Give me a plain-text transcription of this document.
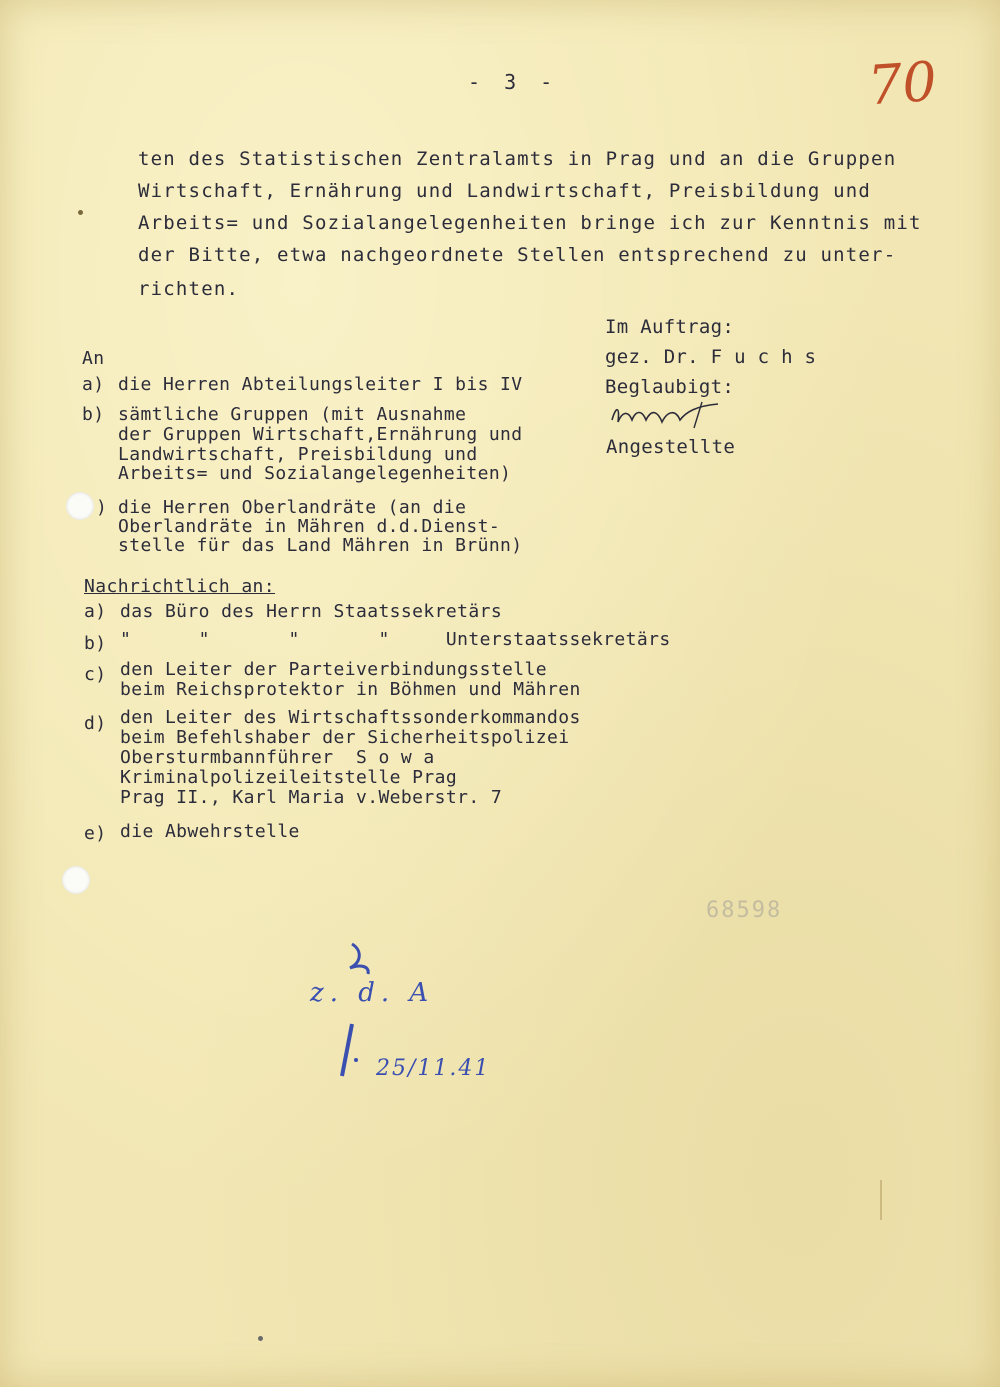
- 3 -	70
ten des Statistischen Zentralamts in Prag und an die Gruppen
Wirtschaft, Ernährung und Landwirtschaft, Preisbildung und
Arbeits= und Sozialangelegenheiten bringe ich zur Kenntnis mit
der Bitte, etwa nachgeordnete Stellen entsprechend zu unter-
richten.
Im Auftrag:
gez. Dr. F u c h s
Beglaubigt:
Angestellte
An
a) die Herren Abteilungsleiter I bis IV
b) sämtliche Gruppen (mit Ausnahme
der Gruppen Wirtschaft,Ernährung und
Landwirtschaft, Preisbildung und
Arbeits= und Sozialangelegenheiten)
) die Herren Oberlandräte (an die
Oberlandräte in Mähren d.d.Dienst-
stelle für das Land Mähren in Brünn)
Nachrichtlich an:
a) das Büro des Herrn Staatssekretärs
b) "      "       "       "     Unterstaatssekretärs
c) den Leiter der Parteiverbindungsstelle
beim Reichsprotektor in Böhmen und Mähren
d) den Leiter des Wirtschaftssonderkommandos
beim Befehlshaber der Sicherheitspolizei
Obersturmbannführer  S o w a
Kriminalpolizeileitstelle Prag
Prag II., Karl Maria v.Weberstr. 7
e) die Abwehrstelle
68598
z. d. A
25/11.41
